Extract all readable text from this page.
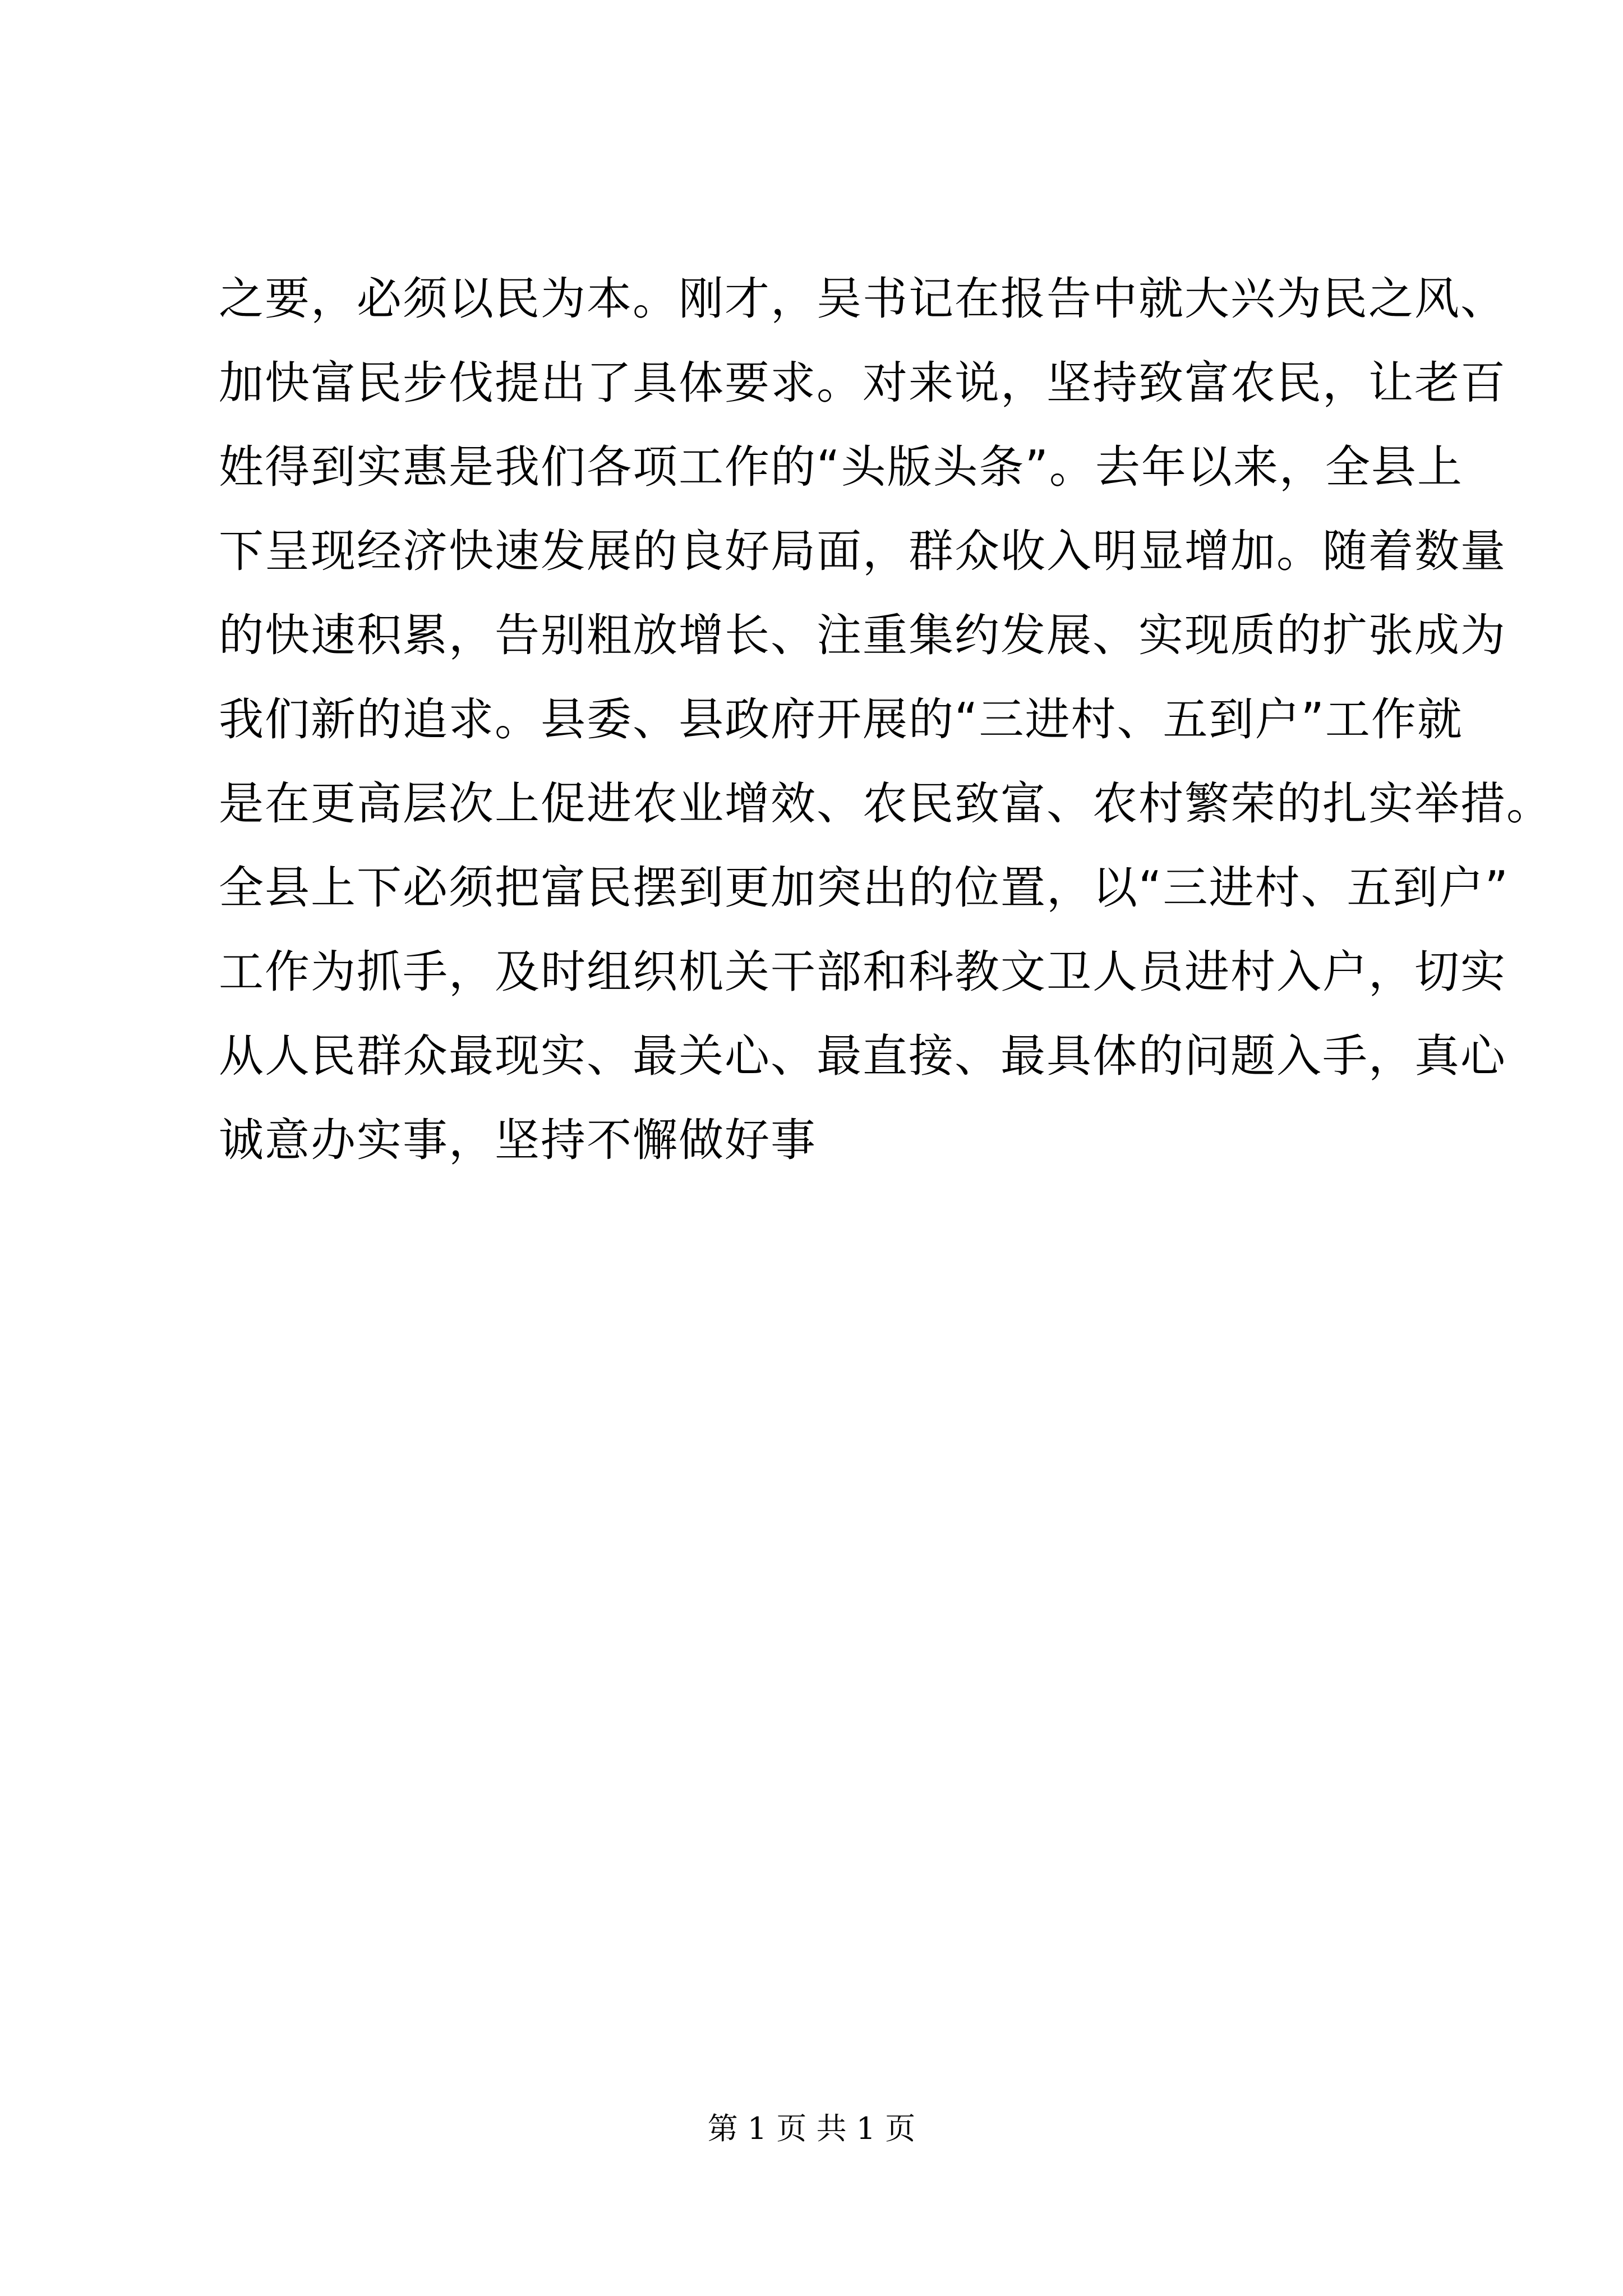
之要，必须以民为本。刚才，吴书记在报告中就大兴为民之风、
加快富民步伐提出了具体要求。对来说，坚持致富农民，让老百
姓得到实惠是我们各项工作的“头版头条”。去年以来，全县上
下呈现经济快速发展的良好局面，群众收入明显增加。随着数量
的快速积累，告别粗放增长、注重集约发展、实现质的扩张成为
我们新的追求。县委、县政府开展的“三进村、五到户”工作就
是在更高层次上促进农业增效、农民致富、农村繁荣的扎实举措。
全县上下必须把富民摆到更加突出的位置，以“三进村、五到户”
工作为抓手，及时组织机关干部和科教文卫人员进村入户，切实
从人民群众最现实、最关心、最直接、最具体的问题入手，真心
诚意办实事，坚持不懈做好事
第 1 页 共 1 页
